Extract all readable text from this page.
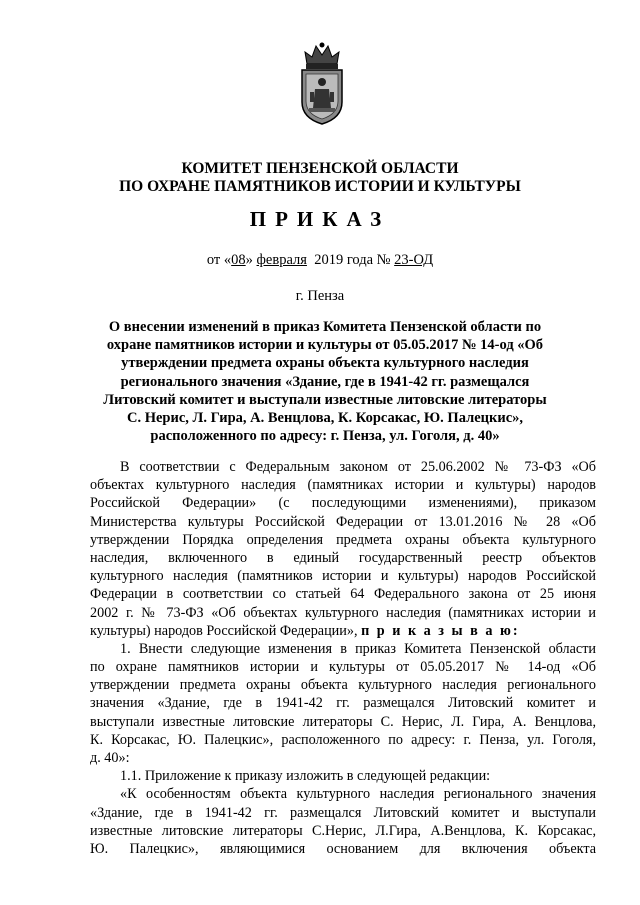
КОМИТЕТ ПЕНЗЕНСКОЙ ОБЛАСТИ
ПО ОХРАНЕ ПАМЯТНИКОВ ИСТОРИИ И КУЛЬТУРЫ
ПРИКАЗ
от «08» февраля  2019 года № 23-ОД
г. Пенза
О внесении изменений в приказ Комитета Пензенской области по
охране памятников истории и культуры от 05.05.2017 № 14-од «Об
утверждении предмета охраны объекта культурного наследия
регионального значения «Здание, где в 1941-42 гг. размещался
Литовский комитет и выступали известные литовские литераторы
С. Нерис, Л. Гира, А. Венцлова, К. Корсакас, Ю. Палецкис»,
расположенного по адресу: г. Пенза, ул. Гоголя, д. 40»
В соответствии с Федеральным законом от 25.06.2002 № 73-ФЗ «Об
объектах культурного наследия (памятниках истории и культуры) народов
Российской Федерации» (с последующими изменениями), приказом
Министерства культуры Российской Федерации от 13.01.2016 № 28 «Об
утверждении Порядка определения предмета охраны объекта культурного
наследия, включенного в единый государственный реестр объектов
культурного наследия (памятников истории и культуры) народов Российской
Федерации в соответствии со статьей 64 Федерального закона от 25 июня
2002 г. № 73-ФЗ «Об объектах культурного наследия (памятниках истории и
культуры) народов Российской Федерации», п р и к а з ы в а ю:
1. Внести следующие изменения в приказ Комитета Пензенской области
по охране памятников истории и культуры от 05.05.2017 № 14-од «Об
утверждении предмета охраны объекта культурного наследия регионального
значения «Здание, где в 1941-42 гг. размещался Литовский комитет и
выступали известные литовские литераторы С. Нерис, Л. Гира, А. Венцлова,
К. Корсакас, Ю. Палецкис», расположенного по адресу: г. Пенза, ул. Гоголя,
д. 40»:
1.1. Приложение к приказу изложить в следующей редакции:
«К особенностям объекта культурного наследия регионального значения
«Здание, где в 1941-42 гг. размещался Литовский комитет и выступали
известные литовские литераторы С.Нерис, Л.Гира, А.Венцлова, К. Корсакас,
Ю. Палецкис», являющимися основанием для включения объекта
